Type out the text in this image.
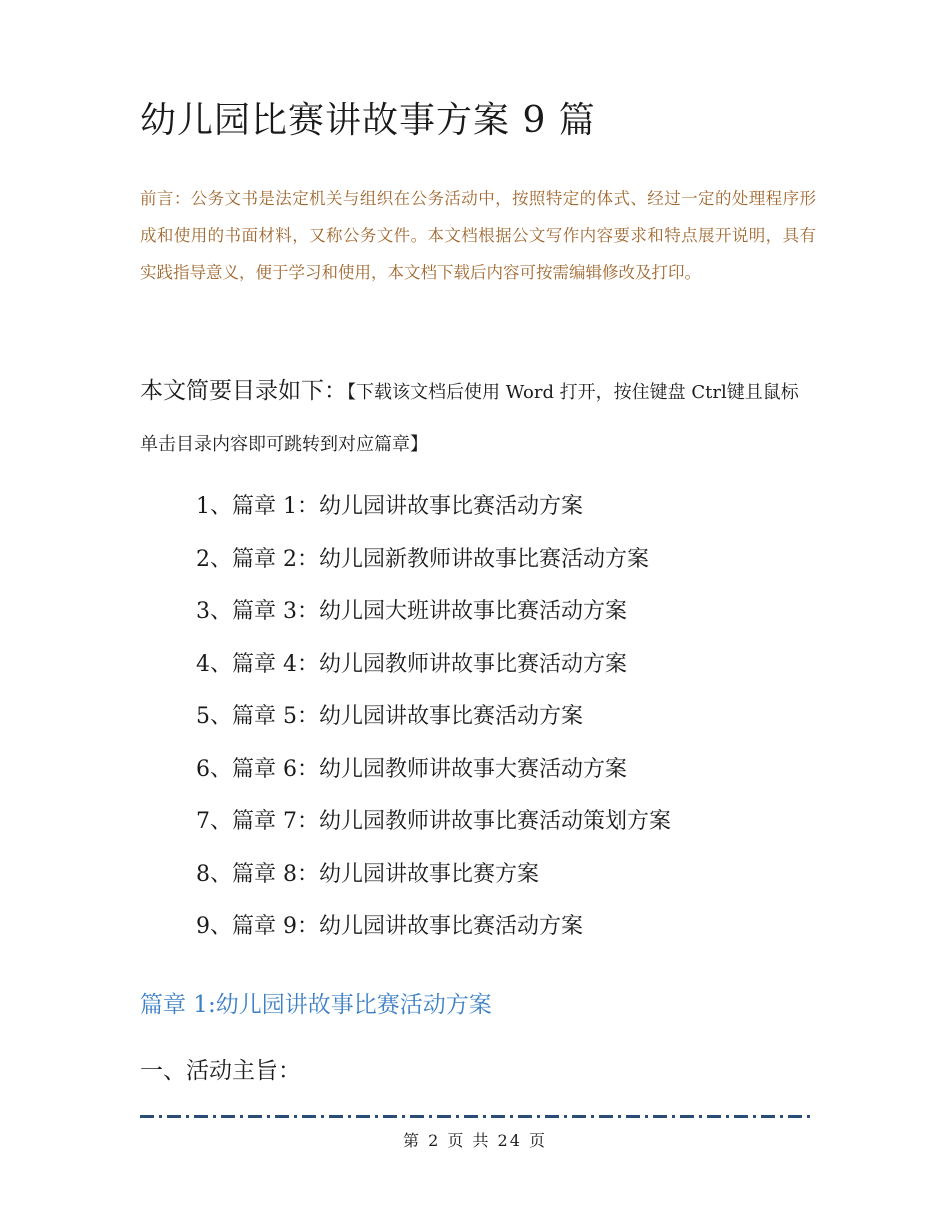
幼儿园比赛讲故事方案 9 篇
前言：公务文书是法定机关与组织在公务活动中，按照特定的体式、经过一定的处理程序形成和使用的书面材料，又称公务文件。本文档根据公文写作内容要求和特点展开说明，具有实践指导意义，便于学习和使用，本文档下载后内容可按需编辑修改及打印。
本文简要目录如下：【下载该文档后使用 Word 打开，按住键盘 Ctrl键且鼠标单击目录内容即可跳转到对应篇章】
1、篇章 1：幼儿园讲故事比赛活动方案
2、篇章 2：幼儿园新教师讲故事比赛活动方案
3、篇章 3：幼儿园大班讲故事比赛活动方案
4、篇章 4：幼儿园教师讲故事比赛活动方案
5、篇章 5：幼儿园讲故事比赛活动方案
6、篇章 6：幼儿园教师讲故事大赛活动方案
7、篇章 7：幼儿园教师讲故事比赛活动策划方案
8、篇章 8：幼儿园讲故事比赛方案
9、篇章 9：幼儿园讲故事比赛活动方案
篇章 1:幼儿园讲故事比赛活动方案
一、活动主旨：
第 2 页 共 24 页
